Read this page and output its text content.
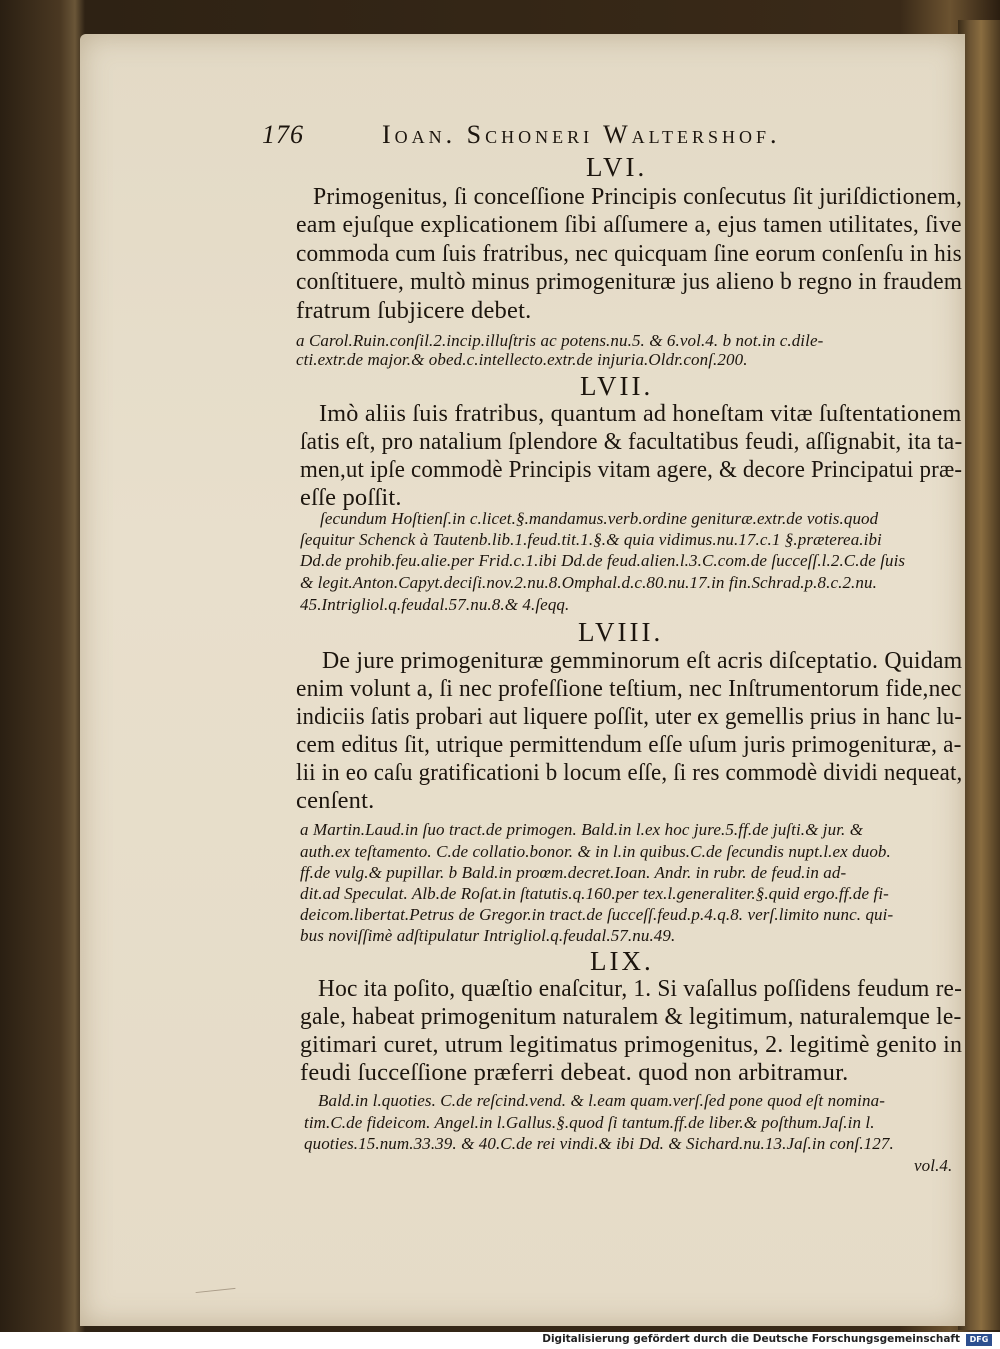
176	Ioan. Schoneri Waltershof.
LVI.
Primogenitus, ſi conceſſione Principis conſecutus ſit juriſdictionem,
eam ejuſque explicationem ſibi aſſumere a, ejus tamen utilitates, ſive
commoda cum ſuis fratribus, nec quicquam ſine eorum conſenſu in his
conſtituere, multò minus primogenituræ jus alieno b regno in fraudem
fratrum ſubjicere debet.
a Carol.Ruin.conſil.2.incip.illuſtris ac potens.nu.5. & 6.vol.4. b not.in c.dile-
cti.extr.de major.& obed.c.intellecto.extr.de injuria.Oldr.conſ.200.
LVII.
Imò aliis ſuis fratribus, quantum ad honeſtam vitæ ſuſtentationem
ſatis eſt, pro natalium ſplendore & facultatibus feudi, aſſignabit, ita ta-
men,ut ipſe commodè Principis vitam agere, & decore Principatui præ-
eſſe poſſit.
ſecundum Hoſtienſ.in c.licet.§.mandamus.verb.ordine genituræ.extr.de votis.quod
ſequitur Schenck à Tautenb.lib.1.feud.tit.1.§.& quia vidimus.nu.17.c.1 §.præterea.ibi
Dd.de prohib.feu.alie.per Frid.c.1.ibi Dd.de feud.alien.l.3.C.com.de ſucceſſ.l.2.C.de ſuis
& legit.Anton.Capyt.deciſi.nov.2.nu.8.Omphal.d.c.80.nu.17.in fin.Schrad.p.8.c.2.nu.
45.Intrigliol.q.feudal.57.nu.8.& 4.ſeqq.
LVIII.
De jure primogenituræ gemminorum eſt acris diſceptatio. Quidam
enim volunt a, ſi nec profeſſione teſtium, nec Inſtrumentorum fide,nec
indiciis ſatis probari aut liquere poſſit, uter ex gemellis prius in hanc lu-
cem editus ſit, utrique permittendum eſſe uſum juris primogenituræ, a-
lii in eo caſu gratificationi b locum eſſe, ſi res commodè dividi nequeat,
cenſent.
a Martin.Laud.in ſuo tract.de primogen. Bald.in l.ex hoc jure.5.ff.de juſti.& jur. &
auth.ex teſtamento. C.de collatio.bonor. & in l.in quibus.C.de ſecundis nupt.l.ex duob.
ff.de vulg.& pupillar. b Bald.in proœm.decret.Ioan. Andr. in rubr. de feud.in ad-
dit.ad Speculat. Alb.de Roſat.in ſtatutis.q.160.per tex.l.generaliter.§.quid ergo.ff.de fi-
deicom.libertat.Petrus de Gregor.in tract.de ſucceſſ.feud.p.4.q.8. verſ.limito nunc. qui-
bus noviſſimè adſtipulatur Intrigliol.q.feudal.57.nu.49.
LIX.
Hoc ita poſito, quæſtio enaſcitur, 1. Si vaſallus poſſidens feudum re-
gale, habeat primogenitum naturalem & legitimum, naturalemque le-
gitimari curet, utrum legitimatus primogenitus, 2. legitimè genito in
feudi ſucceſſione præferri debeat. quod non arbitramur.
Bald.in l.quoties. C.de reſcind.vend. & l.eam quam.verſ.ſed pone quod eſt nomina-
tim.C.de fideicom. Angel.in l.Gallus.§.quod ſi tantum.ff.de liber.& poſthum.Jaſ.in l.
quoties.15.num.33.39. & 40.C.de rei vindi.& ibi Dd. & Sichard.nu.13.Jaſ.in conſ.127.
vol.4.
Digitalisierung gefördert durch die Deutsche Forschungsgemeinschaft	DFG
